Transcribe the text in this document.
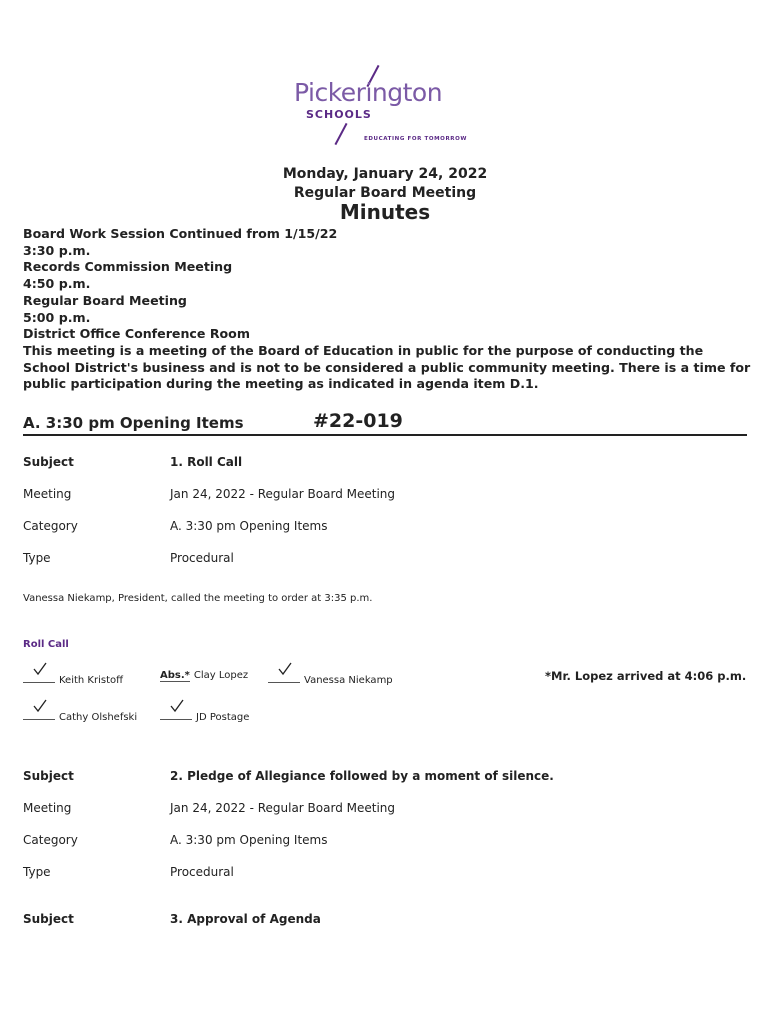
Pickerington
SCHOOLS
EDUCATING FOR TOMORROW
Monday, January 24, 2022
Regular Board Meeting
Minutes
Board Work Session Continued from 1/15/22
3:30 p.m.
Records Commission Meeting
4:50 p.m.
Regular Board Meeting
5:00 p.m.
District Office Conference Room
This meeting is a meeting of the Board of Education in public for the purpose of conducting the School District's business and is not to be considered a public community meeting. There is a time for public participation during the meeting as indicated in agenda item D.1.
A. 3:30 pm Opening Items	#22-019
Subject	1. Roll Call
Meeting	Jan 24, 2022 - Regular Board Meeting
Category	A. 3:30 pm Opening Items
Type	Procedural
Vanessa Niekamp, President, called the meeting to order at 3:35 p.m.
Roll Call
Keith Kristoff	Abs.* Clay Lopez	Vanessa Niekamp	*Mr. Lopez arrived at 4:06 p.m.
Cathy Olshefski	JD Postage
Subject	2. Pledge of Allegiance followed by a moment of silence.
Meeting	Jan 24, 2022 - Regular Board Meeting
Category	A. 3:30 pm Opening Items
Type	Procedural
Subject	3. Approval of Agenda
